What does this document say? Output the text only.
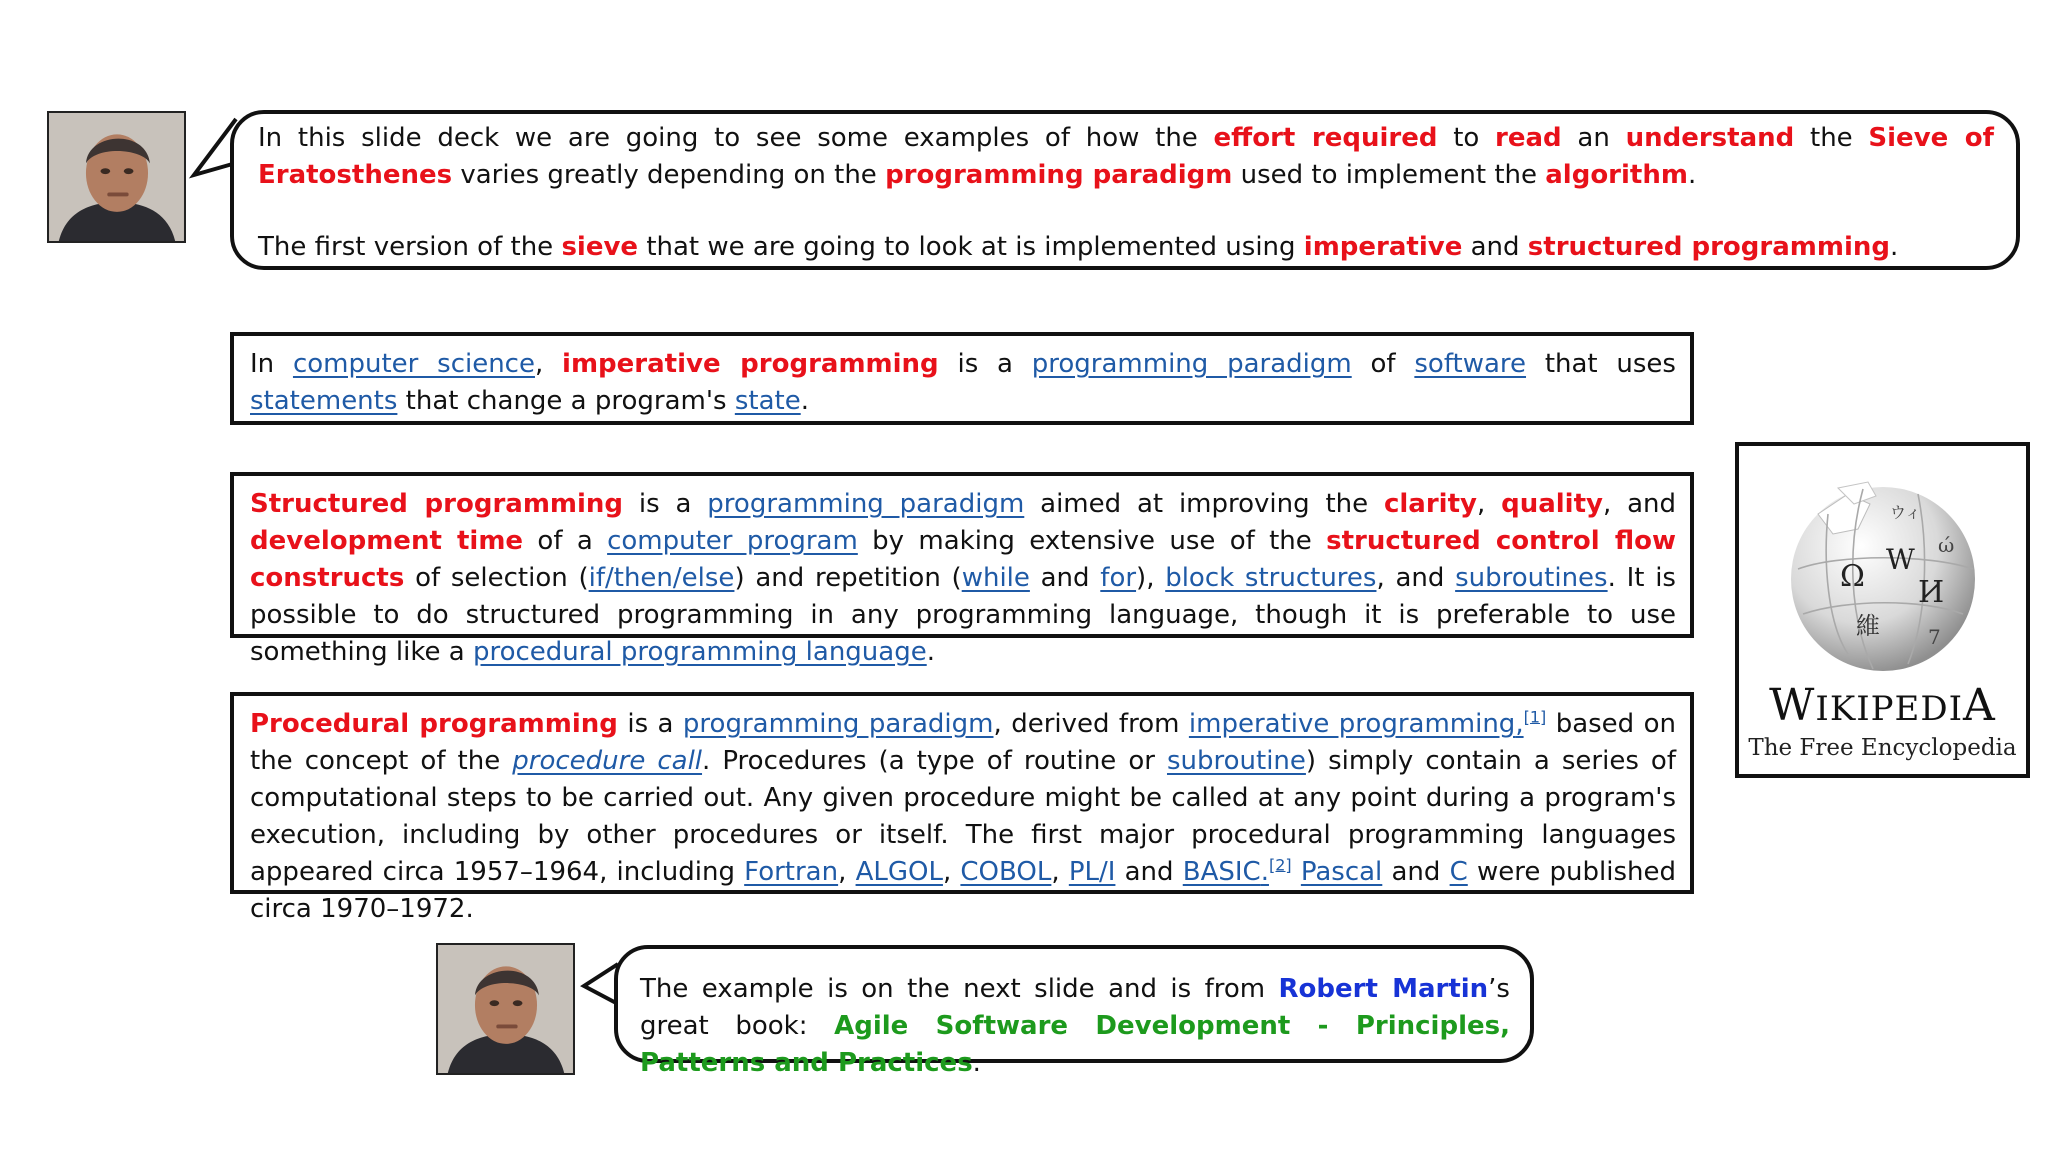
In this slide deck we are going to see some examples of how the effort required to read an understand the Sieve of Eratosthenes varies greatly depending on the programming paradigm used to implement the algorithm.

The first version of the sieve that we are going to look at is implemented using imperative and structured programming.

In computer science, imperative programming is a programming paradigm of software that uses statements that change a program's state.

Structured programming is a programming paradigm aimed at improving the clarity, quality, and development time of a computer program by making extensive use of the structured control flow constructs of selection (if/then/else) and repetition (while and for), block structures, and subroutines. It is possible to do structured programming in any programming language, though it is preferable to use something like a procedural programming language.

Procedural programming is a programming paradigm, derived from imperative programming,[1] based on the concept of the procedure call. Procedures (a type of routine or subroutine) simply contain a series of computational steps to be carried out. Any given procedure might be called at any point during a program's execution, including by other procedures or itself. The first major procedural programming languages appeared circa 1957–1964, including Fortran, ALGOL, COBOL, PL/I and BASIC.[2] Pascal and C were published circa 1970–1972.

Ω W
И
維
ウィ
ώ
7
WIKIPEDIA
The Free Encyclopedia

The example is on the next slide and is from Robert Martin’s great book: Agile Software Development - Principles, Patterns and Practices.
